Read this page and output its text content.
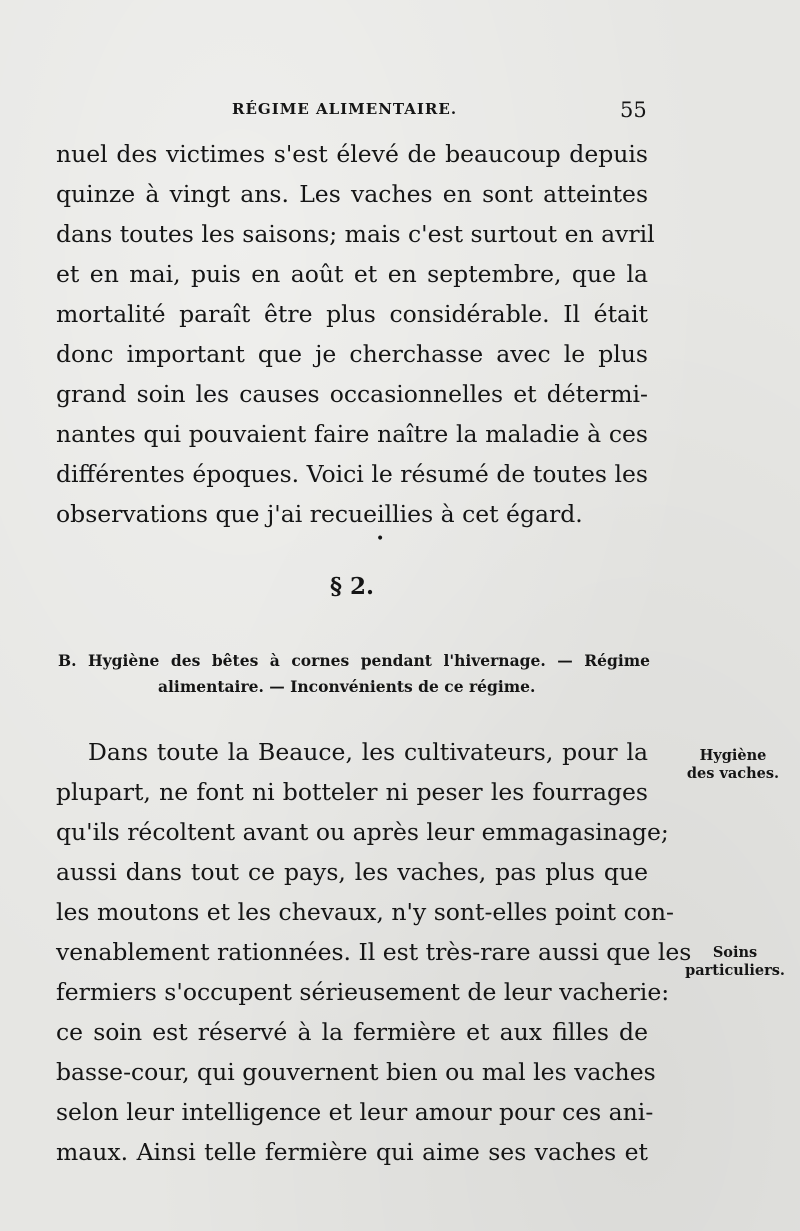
RÉGIME ALIMENTAIRE.	55
nuel des victimes s'est élevé de beaucoup depuis
quinze à vingt ans. Les vaches en sont atteintes
dans toutes les saisons; mais c'est surtout en avril
et en mai, puis en août et en septembre, que la
mortalité paraît être plus considérable. Il était
donc important que je cherchasse avec le plus
grand soin les causes occasionnelles et détermi-
nantes qui pouvaient faire naître la maladie à ces
différentes époques. Voici le résumé de toutes les
observations que j'ai recueillies à cet égard.
•
§ 2.
B. Hygiène des bêtes à cornes pendant l'hivernage. — Régime
alimentaire. — Inconvénients de ce régime.
Dans toute la Beauce, les cultivateurs, pour la
plupart, ne font ni botteler ni peser les fourrages
qu'ils récoltent avant ou après leur emmagasinage;
aussi dans tout ce pays, les vaches, pas plus que
les moutons et les chevaux, n'y sont-elles point con-
venablement rationnées. Il est très-rare aussi que les
fermiers s'occupent sérieusement de leur vacherie:
ce soin est réservé à la fermière et aux filles de
basse-cour, qui gouvernent bien ou mal les vaches
selon leur intelligence et leur amour pour ces ani-
maux. Ainsi telle fermière qui aime ses vaches et
Hygiène
des vaches.
Soins
particuliers.
